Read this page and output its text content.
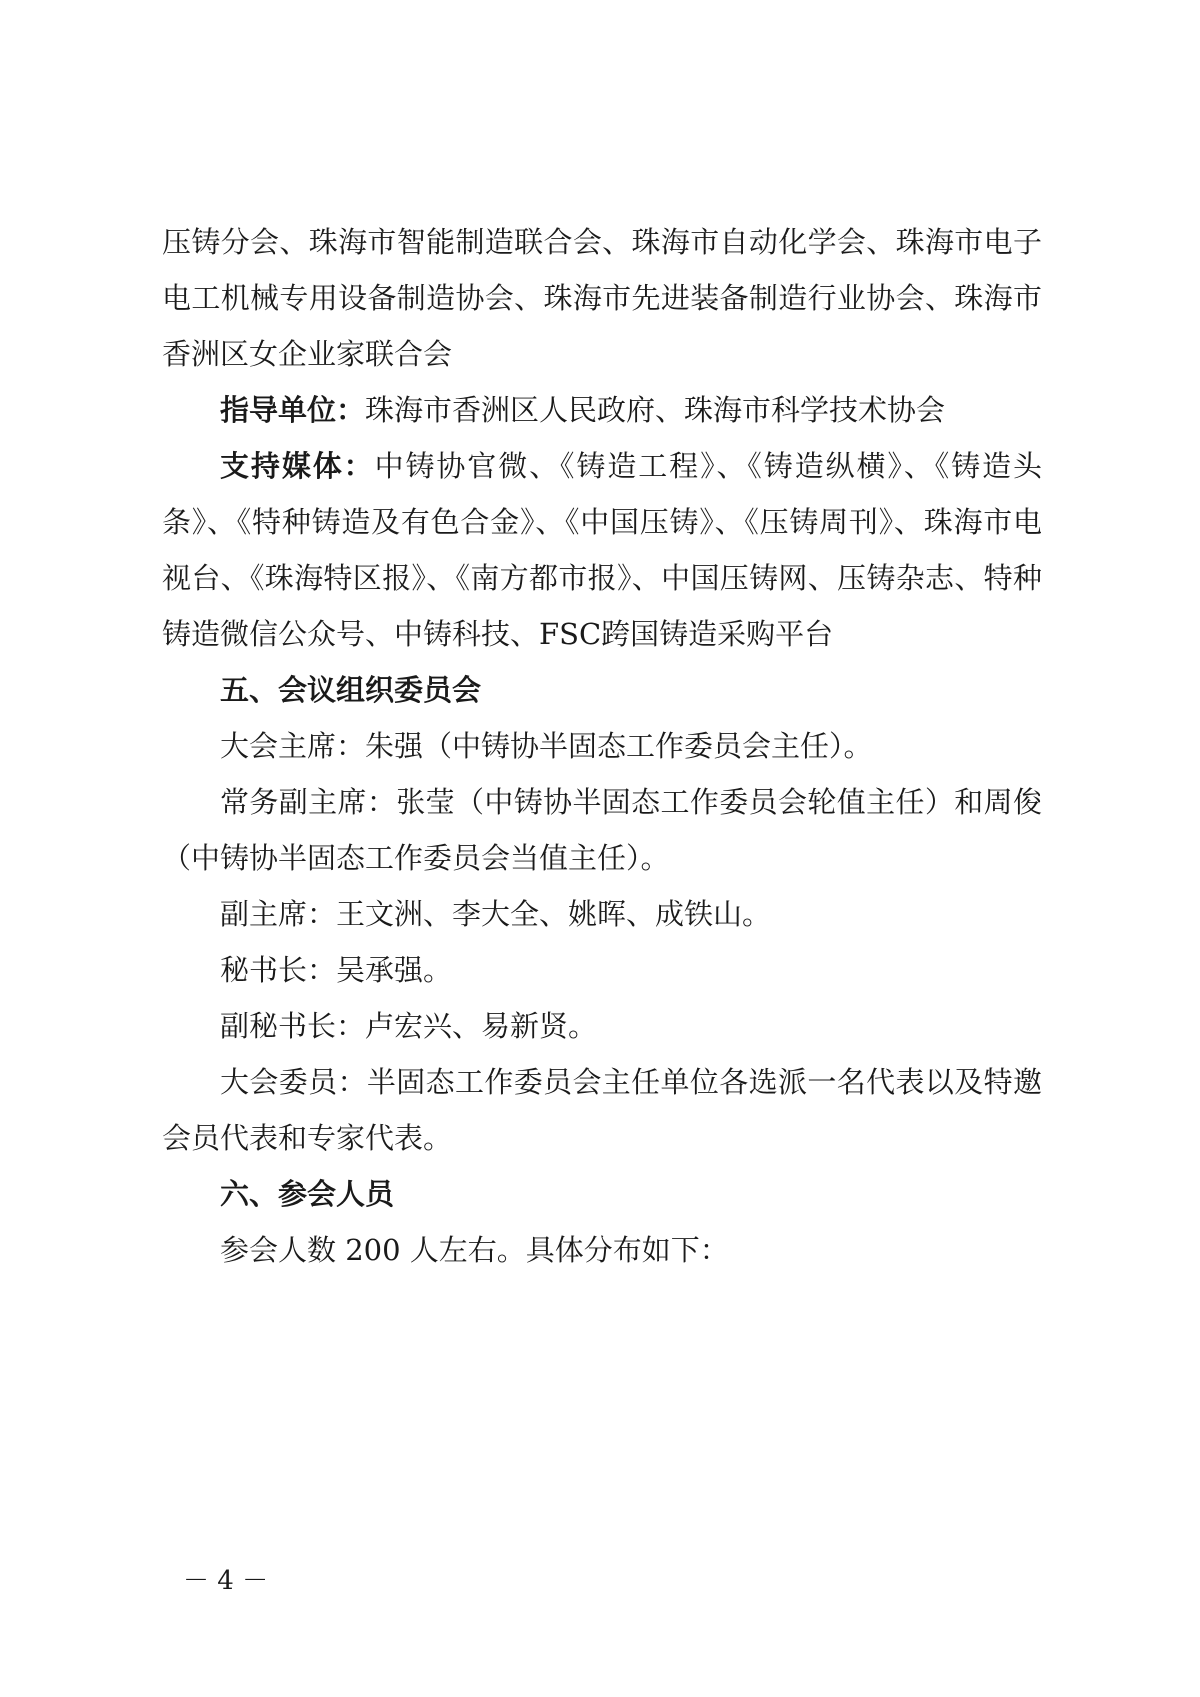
压铸分会、珠海市智能制造联合会、珠海市自动化学会、珠海市电子电工机械专用设备制造协会、珠海市先进装备制造行业协会、珠海市香洲区女企业家联合会

指导单位：珠海市香洲区人民政府、珠海市科学技术协会

支持媒体：中铸协官微、《铸造工程》、《铸造纵横》、《铸造头条》、《特种铸造及有色合金》、《中国压铸》、《压铸周刊》、珠海市电视台、《珠海特区报》、《南方都市报》、中国压铸网、压铸杂志、特种铸造微信公众号、中铸科技、FSC跨国铸造采购平台

五、会议组织委员会

大会主席：朱强（中铸协半固态工作委员会主任）。

常务副主席：张莹（中铸协半固态工作委员会轮值主任）和周俊（中铸协半固态工作委员会当值主任）。

副主席：王文洲、李大全、姚晖、成铁山。

秘书长：吴承强。

副秘书长：卢宏兴、易新贤。

大会委员：半固态工作委员会主任单位各选派一名代表以及特邀会员代表和专家代表。

六、参会人员

参会人数 200 人左右。具体分布如下：

－ 4 －
